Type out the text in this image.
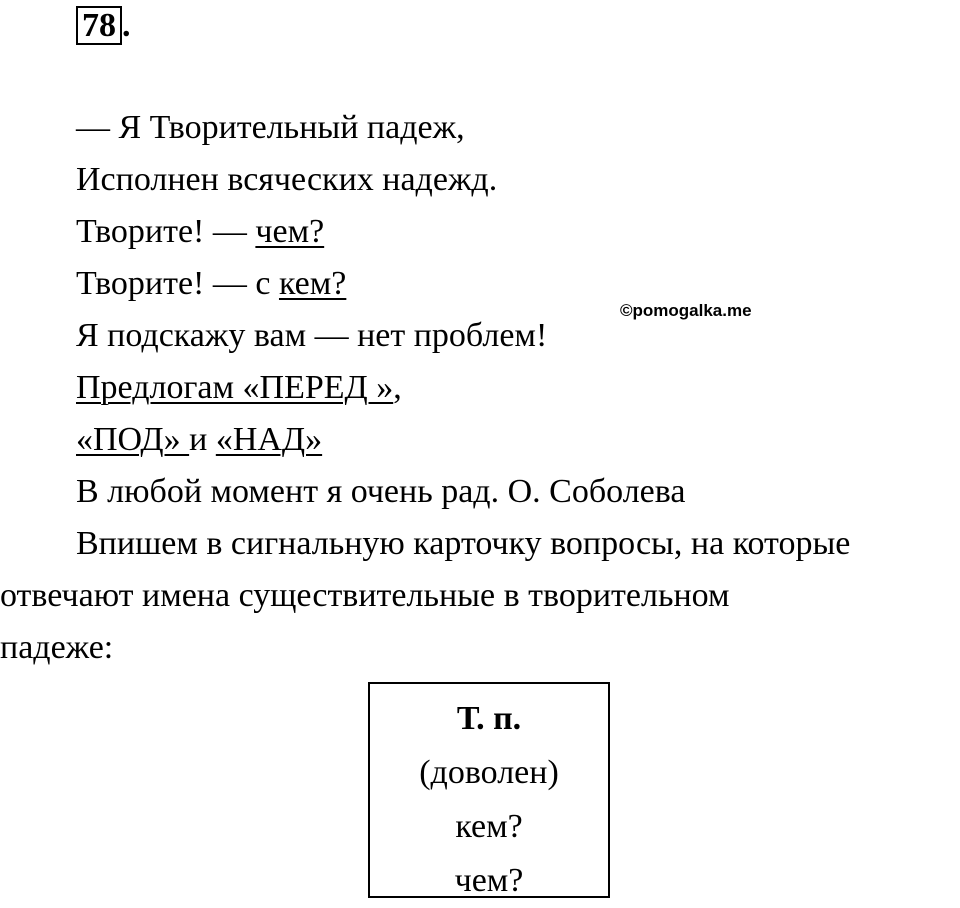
78 .
— Я Творительный падеж,
Исполнен всяческих надежд.
Творите! — чем?
Творите! — с кем?
Я подскажу вам — нет проблем!
©pomogalka.me
Предлогам «ПЕРЕД »,
«ПОД» и «НАД»
В любой момент я очень рад. О. Соболева
Впишем в сигнальную карточку вопросы, на которые
отвечают имена существительные в творительном
падеже:
Т. п.
(доволен)
кем?
чем?
